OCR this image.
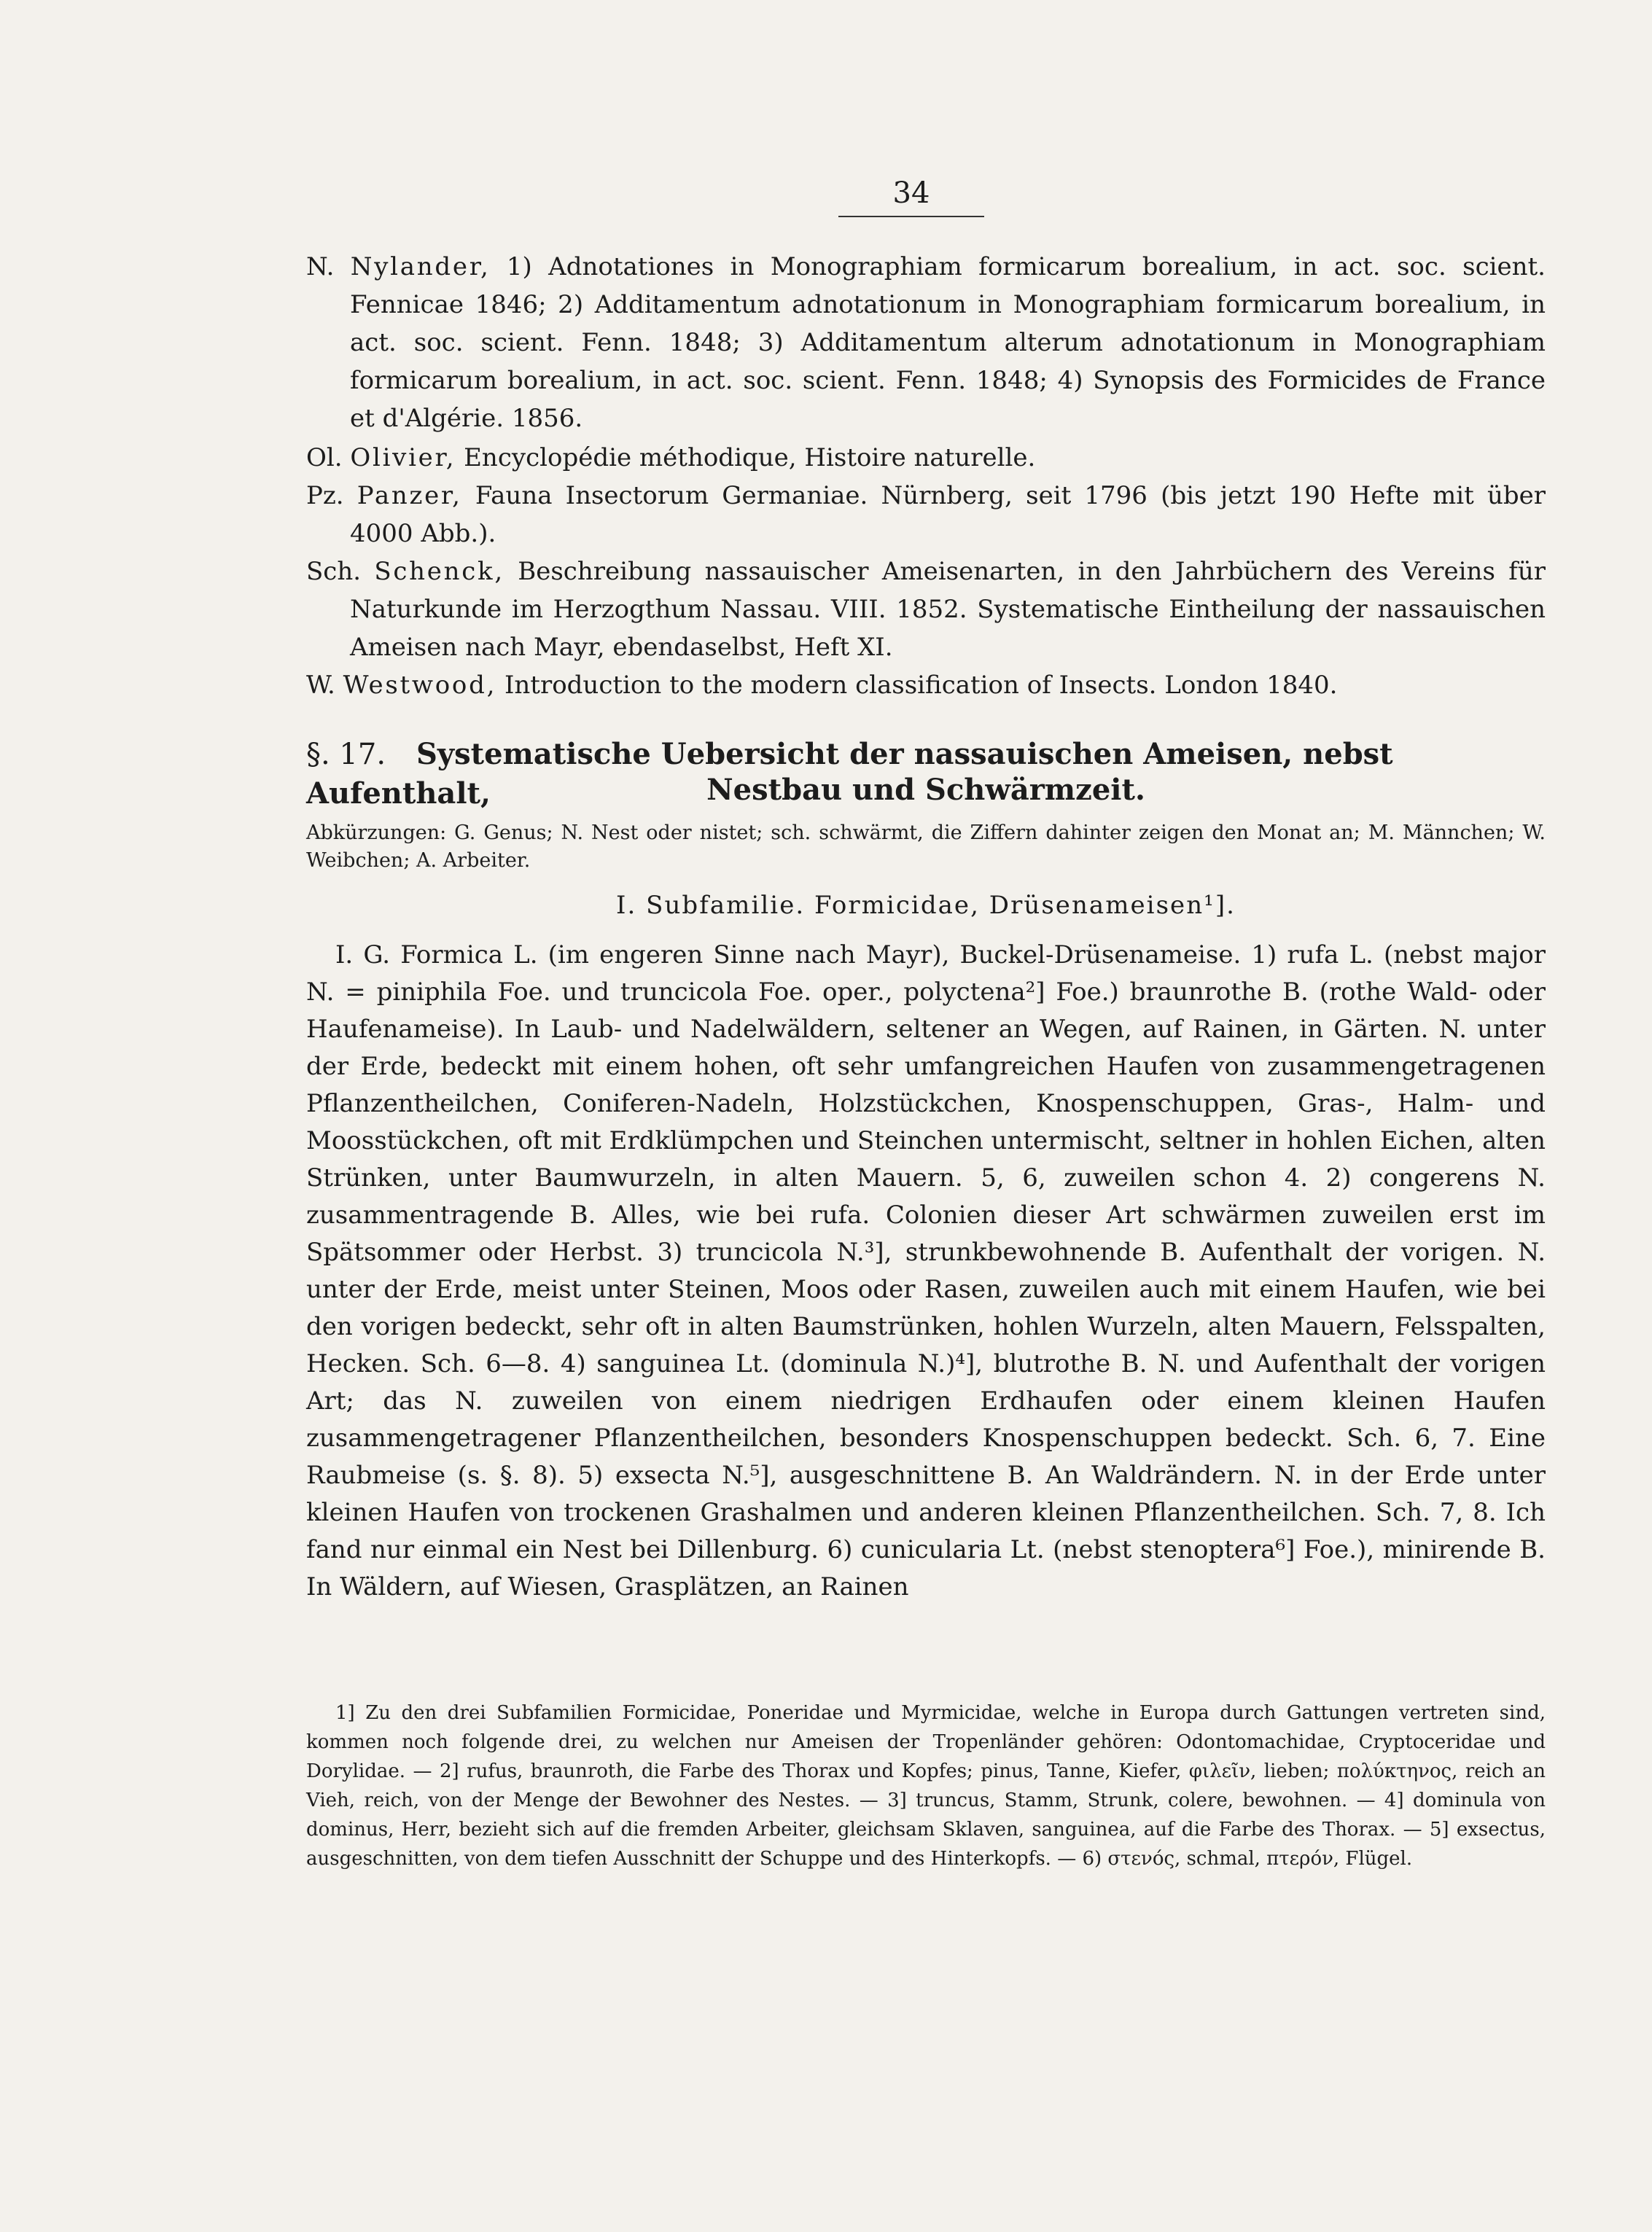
34
N. Nylander, 1) Adnotationes in Monographiam formicarum borealium, in act. soc. scient. Fennicae 1846; 2) Additamentum adnotationum in Monographiam formicarum borealium, in act. soc. scient. Fenn. 1848; 3) Additamentum alterum adnotationum in Monographiam formicarum borealium, in act. soc. scient. Fenn. 1848; 4) Synopsis des Formicides de France et d'Algérie. 1856.
Ol. Olivier, Encyclopédie méthodique, Histoire naturelle.
Pz. Panzer, Fauna Insectorum Germaniae. Nürnberg, seit 1796 (bis jetzt 190 Hefte mit über 4000 Abb.).
Sch. Schenck, Beschreibung nassauischer Ameisenarten, in den Jahrbüchern des Vereins für Naturkunde im Herzogthum Nassau. VIII. 1852. Systematische Eintheilung der nassauischen Ameisen nach Mayr, ebendaselbst, Heft XI.
W. Westwood, Introduction to the modern classification of Insects. London 1840.
§. 17. Systematische Uebersicht der nassauischen Ameisen, nebst Aufenthalt,	Nestbau und Schwärmzeit.
Abkürzungen: G. Genus; N. Nest oder nistet; sch. schwärmt, die Ziffern dahinter zeigen den Monat an; M. Männchen; W. Weibchen; A. Arbeiter.
I. Subfamilie. Formicidae, Drüsenameisen¹].

I. G. Formica L. (im engeren Sinne nach Mayr), Buckel-Drüsenameise. 1) rufa L. (nebst major N. = piniphila Foe. und truncicola Foe. oper., polyctena²] Foe.) braunrothe B. (rothe Wald- oder Haufenameise). In Laub- und Nadelwäldern, seltener an Wegen, auf Rainen, in Gärten. N. unter der Erde, bedeckt mit einem hohen, oft sehr umfangreichen Haufen von zusammengetragenen Pflanzentheilchen, Coniferen-Nadeln, Holzstückchen, Knospenschuppen, Gras-, Halm- und Moosstückchen, oft mit Erdklümpchen und Steinchen untermischt, seltner in hohlen Eichen, alten Strünken, unter Baumwurzeln, in alten Mauern. 5, 6, zuweilen schon 4. 2) congerens N. zusammentragende B. Alles, wie bei rufa. Colonien dieser Art schwärmen zuweilen erst im Spätsommer oder Herbst. 3) truncicola N.³], strunkbewohnende B. Aufenthalt der vorigen. N. unter der Erde, meist unter Steinen, Moos oder Rasen, zuweilen auch mit einem Haufen, wie bei den vorigen bedeckt, sehr oft in alten Baumstrünken, hohlen Wurzeln, alten Mauern, Felsspalten, Hecken. Sch. 6—8. 4) sanguinea Lt. (dominula N.)⁴], blutrothe B. N. und Aufenthalt der vorigen Art; das N. zuweilen von einem niedrigen Erdhaufen oder einem kleinen Haufen zusammengetragener Pflanzentheilchen, besonders Knospenschuppen bedeckt. Sch. 6, 7. Eine Raubmeise (s. §. 8). 5) exsecta N.⁵], ausgeschnittene B. An Waldrändern. N. in der Erde unter kleinen Haufen von trockenen Grashalmen und anderen kleinen Pflanzentheilchen. Sch. 7, 8. Ich fand nur einmal ein Nest bei Dillenburg. 6) cunicularia Lt. (nebst stenoptera⁶] Foe.), minirende B. In Wäldern, auf Wiesen, Grasplätzen, an Rainen

1] Zu den drei Subfamilien Formicidae, Poneridae und Myrmicidae, welche in Europa durch Gattungen vertreten sind, kommen noch folgende drei, zu welchen nur Ameisen der Tropenländer gehören: Odontomachidae, Cryptoceridae und Dorylidae. — 2] rufus, braunroth, die Farbe des Thorax und Kopfes; pinus, Tanne, Kiefer, φιλεῖν, lieben; πολύκτηνος, reich an Vieh, reich, von der Menge der Bewohner des Nestes. — 3] truncus, Stamm, Strunk, colere, bewohnen. — 4] dominula von dominus, Herr, bezieht sich auf die fremden Arbeiter, gleichsam Sklaven, sanguinea, auf die Farbe des Thorax. — 5] exsectus, ausgeschnitten, von dem tiefen Ausschnitt der Schuppe und des Hinterkopfs. — 6) στενός, schmal, πτερόν, Flügel.
